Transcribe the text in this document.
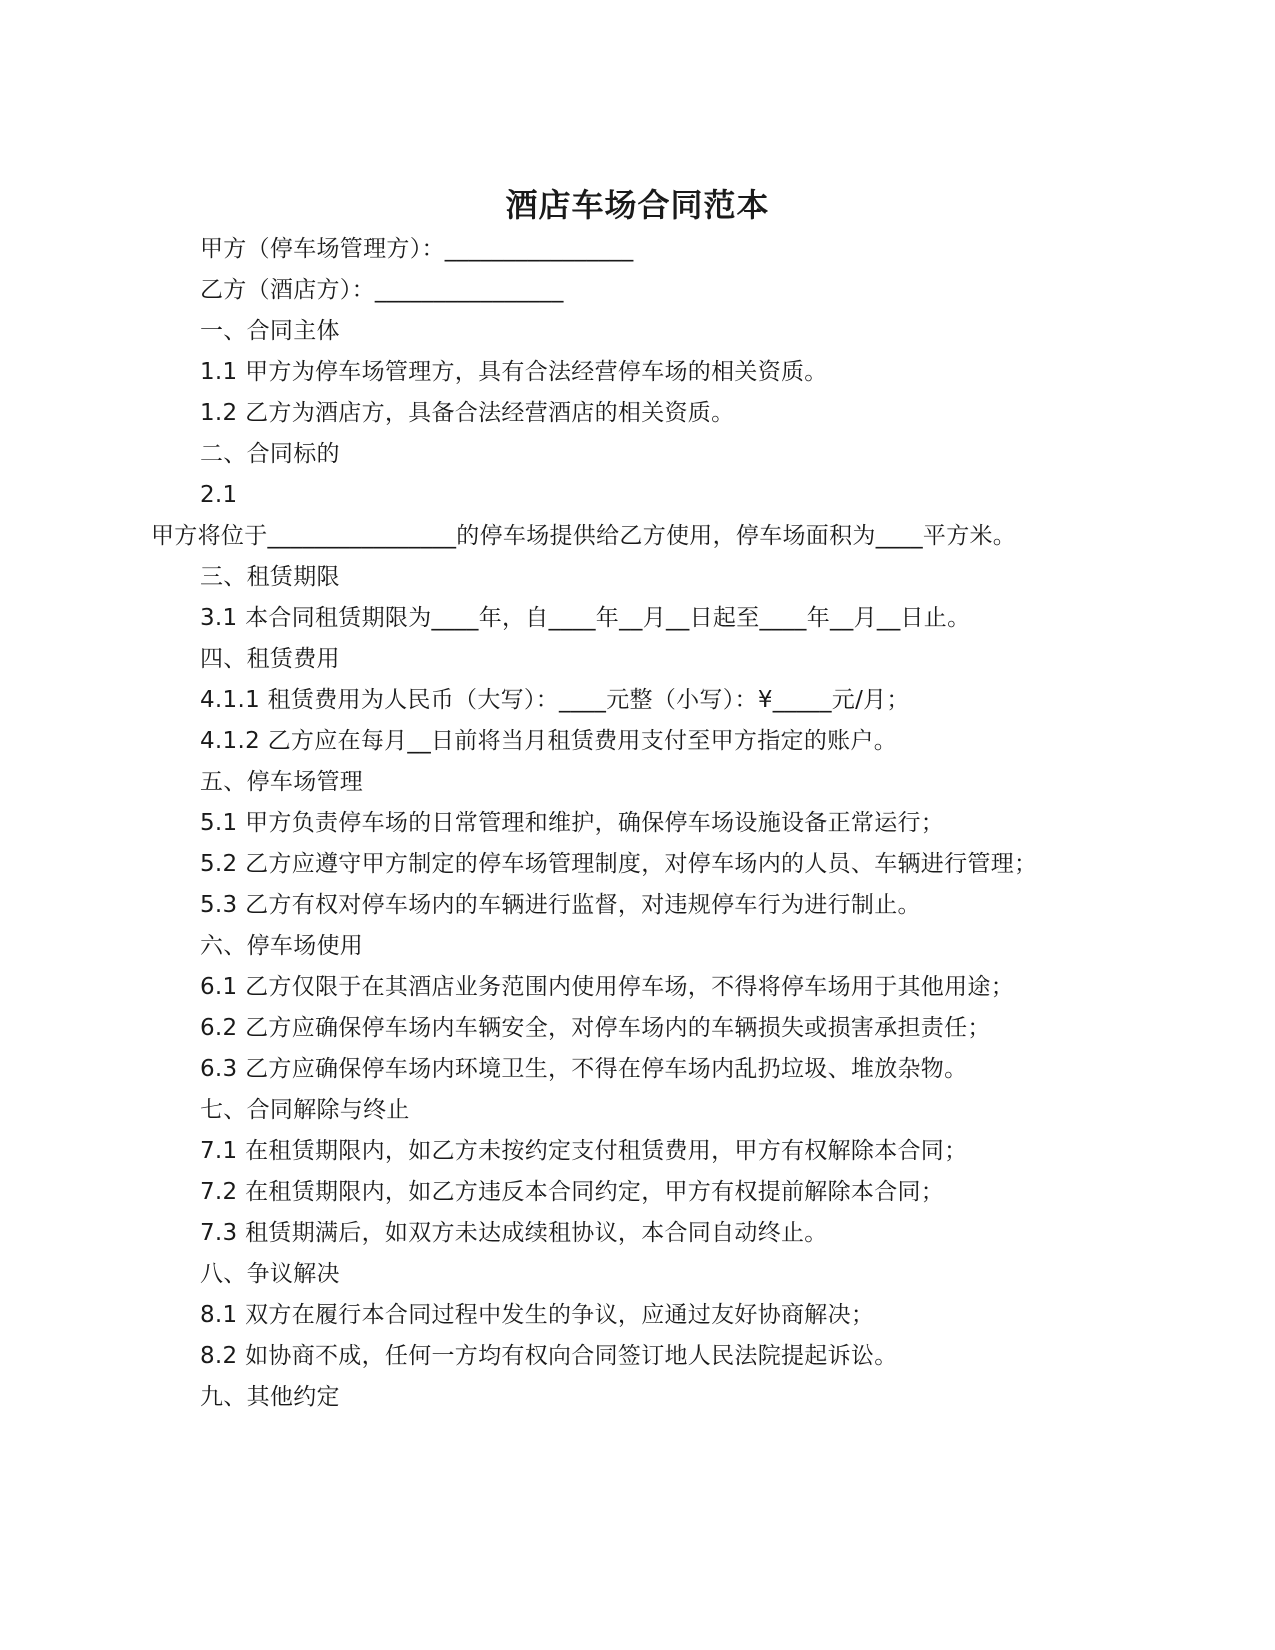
酒店车场合同范本
甲方（停车场管理方）：________________
乙方（酒店方）：________________
一、合同主体
1.1 甲方为停车场管理方，具有合法经营停车场的相关资质。
1.2 乙方为酒店方，具备合法经营酒店的相关资质。
二、合同标的
2.1
甲方将位于________________的停车场提供给乙方使用，停车场面积为____平方米。
三、租赁期限
3.1 本合同租赁期限为____年，自____年__月__日起至____年__月__日止。
四、租赁费用
4.1.1 租赁费用为人民币（大写）：____元整（小写）：¥_____元/月；
4.1.2 乙方应在每月__日前将当月租赁费用支付至甲方指定的账户。
五、停车场管理
5.1 甲方负责停车场的日常管理和维护，确保停车场设施设备正常运行；
5.2 乙方应遵守甲方制定的停车场管理制度，对停车场内的人员、车辆进行管理；
5.3 乙方有权对停车场内的车辆进行监督，对违规停车行为进行制止。
六、停车场使用
6.1 乙方仅限于在其酒店业务范围内使用停车场，不得将停车场用于其他用途；
6.2 乙方应确保停车场内车辆安全，对停车场内的车辆损失或损害承担责任；
6.3 乙方应确保停车场内环境卫生，不得在停车场内乱扔垃圾、堆放杂物。
七、合同解除与终止
7.1 在租赁期限内，如乙方未按约定支付租赁费用，甲方有权解除本合同；
7.2 在租赁期限内，如乙方违反本合同约定，甲方有权提前解除本合同；
7.3 租赁期满后，如双方未达成续租协议，本合同自动终止。
八、争议解决
8.1 双方在履行本合同过程中发生的争议，应通过友好协商解决；
8.2 如协商不成，任何一方均有权向合同签订地人民法院提起诉讼。
九、其他约定
